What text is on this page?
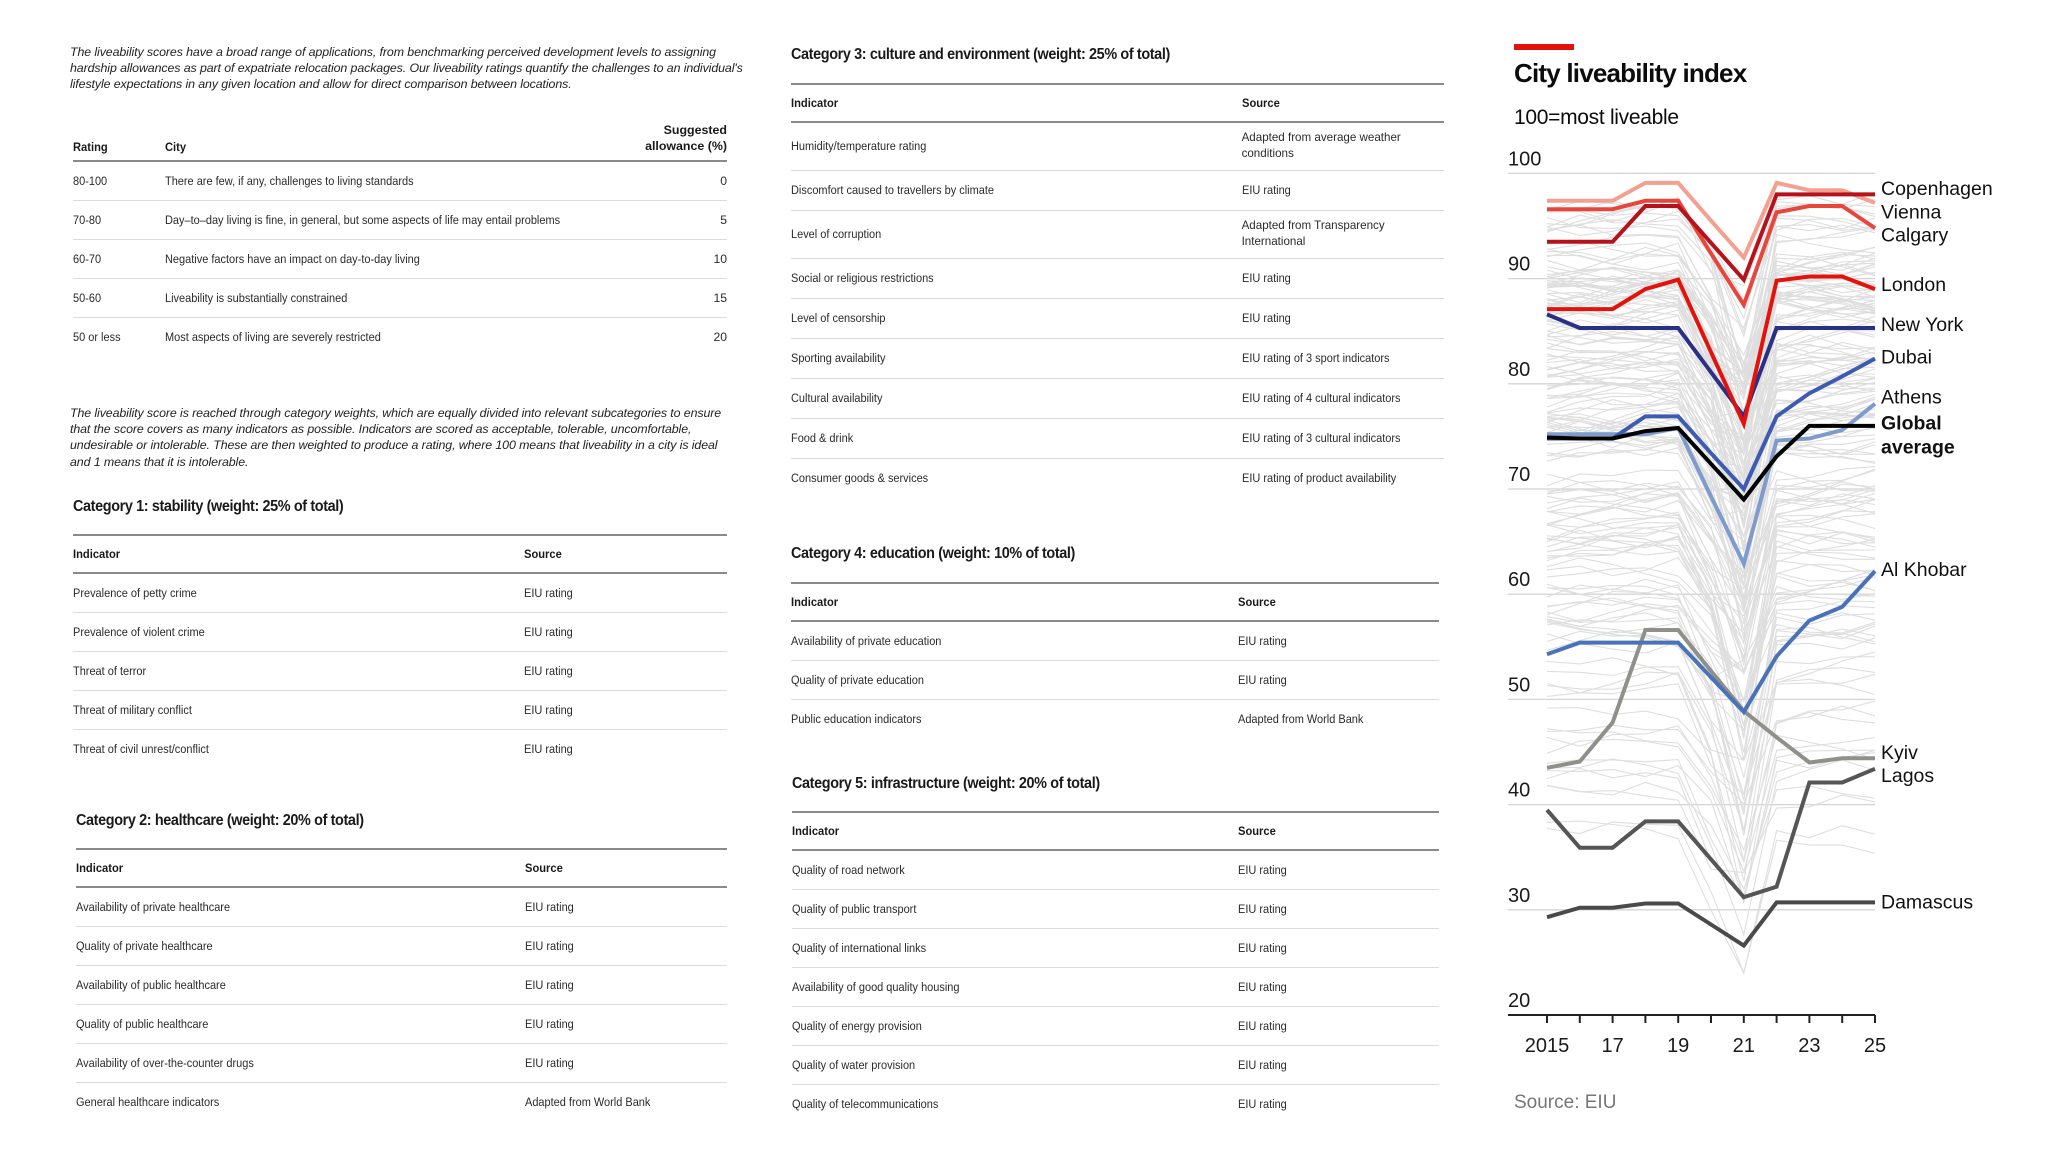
The liveability scores have a broad range of applications, from benchmarking perceived development levels to assigning hardship allowances as part of expatriate relocation packages. Our liveability ratings quantify the challenges to an individual's lifestyle expectations in any given location and allow for direct comparison between locations.
Rating	City	Suggested
allowance (%)

80-100	There are few, if any, challenges to living standards	0
70-80	Day–to–day living is fine, in general, but some aspects of life may entail problems	5
60-70	Negative factors have an impact on day-to-day living	10
50-60	Liveability is substantially constrained	15
50 or less	Most aspects of living are severely restricted	20
The liveability score is reached through category weights, which are equally divided into relevant subcategories to ensure that the score covers as many indicators as possible. Indicators are scored as acceptable, tolerable, uncomfortable, undesirable or intolerable. These are then weighted to produce a rating, where 100 means that liveability in a city is ideal and 1 means that it is intolerable.
Category 1: stability (weight: 25% of total)
Indicator	Source
Prevalence of petty crime	EIU rating
Prevalence of violent crime	EIU rating
Threat of terror	EIU rating
Threat of military conflict	EIU rating
Threat of civil unrest/conflict	EIU rating
Category 2: healthcare (weight: 20% of total)
Indicator	Source
Availability of private healthcare	EIU rating
Quality of private healthcare	EIU rating
Availability of public healthcare	EIU rating
Quality of public healthcare	EIU rating
Availability of over-the-counter drugs	EIU rating
General healthcare indicators	Adapted from World Bank
Category 3: culture and environment (weight: 25% of total)
Indicator	Source
Humidity/temperature rating	Adapted from average weather conditions

Discomfort caused to travellers by climate	EIU rating
Level of corruption	Adapted from Transparency International

Social or religious restrictions	EIU rating
Level of censorship	EIU rating
Sporting availability	EIU rating of 3 sport indicators
Cultural availability	EIU rating of 4 cultural indicators
Food & drink	EIU rating of 3 cultural indicators
Consumer goods & services	EIU rating of product availability
Category 4: education (weight: 10% of total)
Indicator	Source
Availability of private education	EIU rating
Quality of private education	EIU rating
Public education indicators	Adapted from World Bank
Category 5: infrastructure (weight: 20% of total)
Indicator	Source
Quality of road network	EIU rating
Quality of public transport	EIU rating
Quality of international links	EIU rating
Availability of good quality housing	EIU rating
Quality of energy provision	EIU rating
Quality of water provision	EIU rating
Quality of telecommunications	EIU rating
City liveability index
100=most liveable
20
30
40
50
60
70
80
90
100
2015 17 19 21 23 25
Copenhagen
Vienna
Calgary
London
New York
Dubai
Athens
Global
average
Al Khobar
Kyiv
Lagos
Damascus
Source: EIU
